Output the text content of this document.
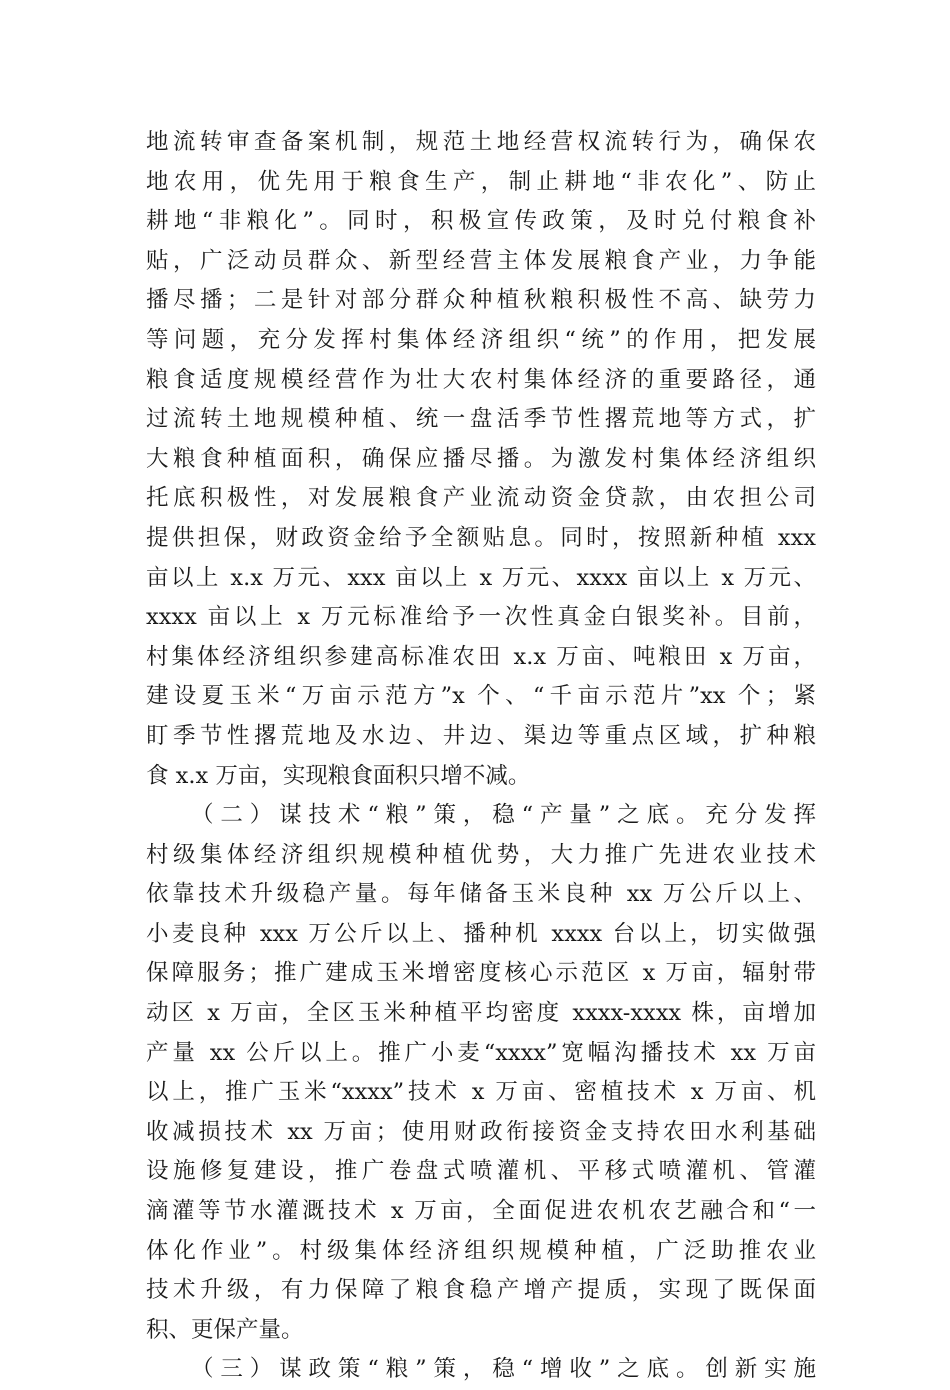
地流转审查备案机制，规范土地经营权流转行为，确保农
地农用，优先用于粮食生产，制止耕地“非农化”、防止
耕地“非粮化”。同时，积极宣传政策，及时兑付粮食补
贴，广泛动员群众、新型经营主体发展粮食产业，力争能
播尽播；二是针对部分群众种植秋粮积极性不高、缺劳力
等问题，充分发挥村集体经济组织“统”的作用，把发展
粮食适度规模经营作为壮大农村集体经济的重要路径，通
过流转土地规模种植、统一盘活季节性撂荒地等方式，扩
大粮食种植面积，确保应播尽播。为激发村集体经济组织
托底积极性，对发展粮食产业流动资金贷款，由农担公司
提供担保，财政资金给予全额贴息。同时，按照新种植 xxx
亩以上 x.x 万元、xxx 亩以上 x 万元、xxxx 亩以上 x 万元、
xxxx 亩以上 x 万元标准给予一次性真金白银奖补。目前，
村集体经济组织参建高标准农田 x.x 万亩、吨粮田 x 万亩，
建设夏玉米“万亩示范方”x 个、“千亩示范片”xx 个；紧
盯季节性撂荒地及水边、井边、渠边等重点区域，扩种粮
食 x.x 万亩，实现粮食面积只增不减。
（二）谋技术“粮”策，稳“产量”之底。充分发挥
村级集体经济组织规模种植优势，大力推广先进农业技术
依靠技术升级稳产量。每年储备玉米良种 xx 万公斤以上、
小麦良种 xxx 万公斤以上、播种机 xxxx 台以上，切实做强
保障服务；推广建成玉米增密度核心示范区 x 万亩，辐射带
动区 x 万亩，全区玉米种植平均密度 xxxx-xxxx 株，亩增加
产量 xx 公斤以上。推广小麦“xxxx”宽幅沟播技术 xx 万亩
以上，推广玉米“xxxx”技术 x 万亩、密植技术 x 万亩、机
收减损技术 xx 万亩；使用财政衔接资金支持农田水利基础
设施修复建设，推广卷盘式喷灌机、平移式喷灌机、管灌
滴灌等节水灌溉技术 x 万亩，全面促进农机农艺融合和“一
体化作业”。村级集体经济组织规模种植，广泛助推农业
技术升级，有力保障了粮食稳产增产提质，实现了既保面
积、更保产量。
（三）谋政策“粮”策，稳“增收”之底。创新实施
